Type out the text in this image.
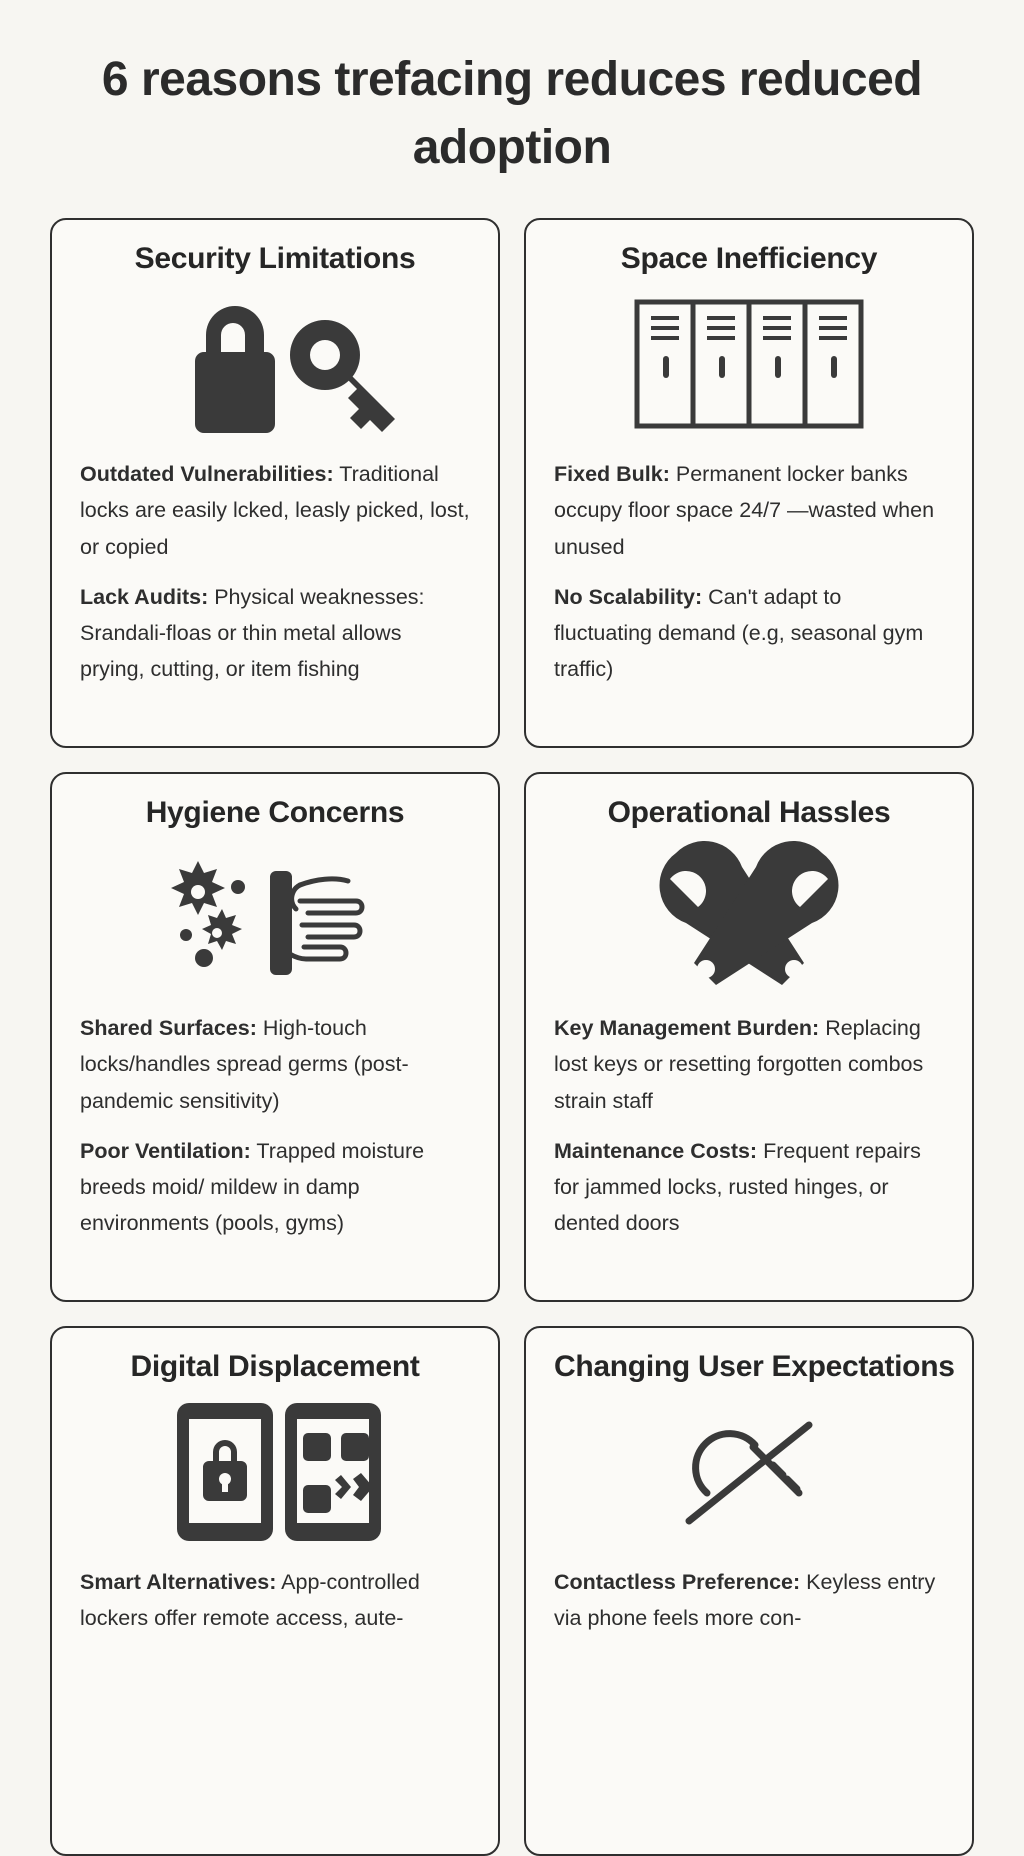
6 reasons trefacing reduces reduced adoption
Security Limitations
Outdated Vulnerabilities: Traditional locks are easily lcked, leasly picked, lost, or copied
Lack Audits: Physical weaknesses: Srandali-floas or thin metal allows prying, cutting, or item fishing
Space Inefficiency
Fixed Bulk: Permanent locker banks occupy floor space 24/7 —wasted when unused
No Scalability: Can't adapt to fluctuating demand (e.g, seasonal gym traffic)
Hygiene Concerns
Shared Surfaces: High-touch locks/handles spread germs (post-pandemic sensitivity)
Poor Ventilation: Trapped moisture breeds moid/ mildew in damp environments (pools, gyms)
Operational Hassles
Key Management Burden: Replacing lost keys or resetting forgotten combos strain staff
Maintenance Costs: Frequent repairs for jammed locks, rusted hinges, or dented doors
Digital Displacement
Smart Alternatives: App-controlled lockers offer remote access, aute-
Changing User Expectations
Contactless Preference: Keyless entry via phone feels more con-
